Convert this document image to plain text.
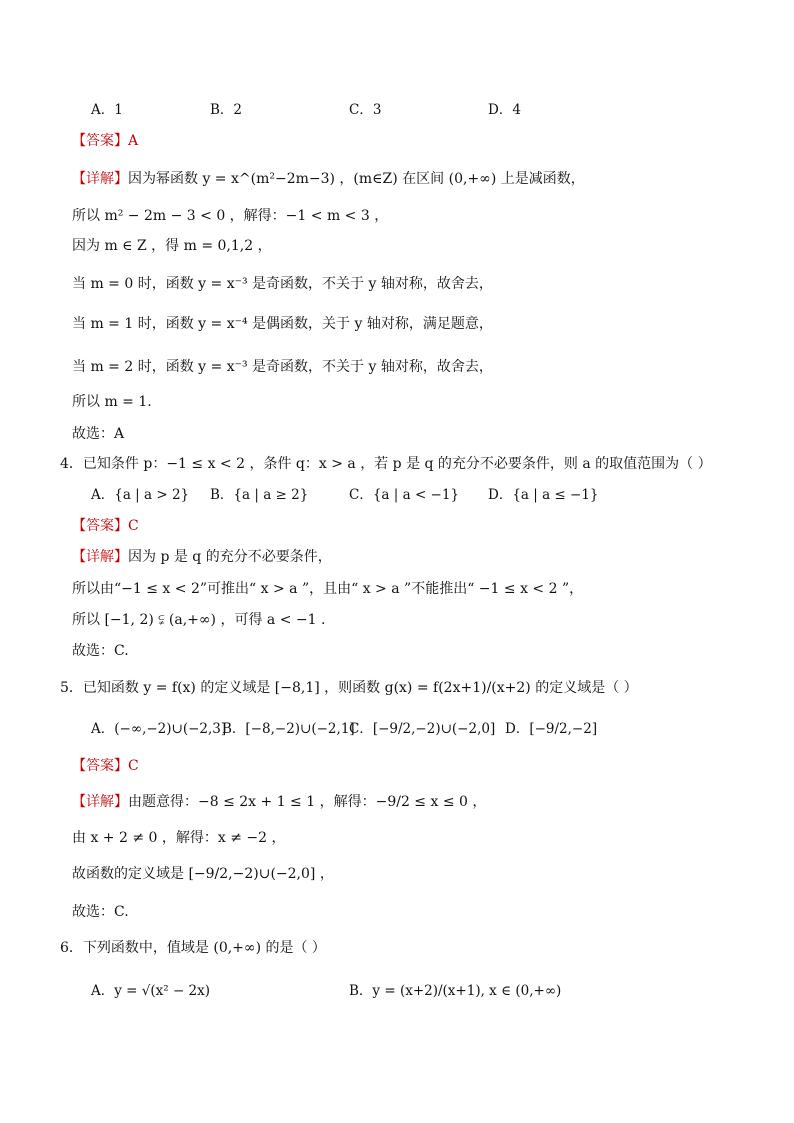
A．1	B．2	C．3	D．4
【答案】A
【详解】因为幂函数 y = x^(m²−2m−3) ，(m∈Z) 在区间 (0,+∞) 上是减函数，
所以 m² − 2m − 3 < 0 ，解得：−1 < m < 3 ，
因为 m ∈ Z ，得 m = 0,1,2 ，
当 m = 0 时，函数 y = x⁻³ 是奇函数，不关于 y 轴对称，故舍去，
当 m = 1 时，函数 y = x⁻⁴ 是偶函数，关于 y 轴对称，满足题意，
当 m = 2 时，函数 y = x⁻³ 是奇函数，不关于 y 轴对称，故舍去，
所以 m = 1.
故选：A
4．已知条件 p：−1 ≤ x < 2 ，条件 q：x > a ，若 p 是 q 的充分不必要条件，则 a 的取值范围为（ ）
A．{a | a > 2} B．{a | a ≥ 2}	C．{a | a < −1} D．{a | a ≤ −1}
【答案】C
【详解】因为 p 是 q 的充分不必要条件，
所以由“−1 ≤ x < 2”可推出“ x > a ”，且由“ x > a ”不能推出“ −1 ≤ x < 2 ”，
所以 [−1, 2) ⫋ (a,+∞) ，可得 a < −1 .
故选：C.
5．已知函数 y = f(x) 的定义域是 [−8,1] ，则函数 g(x) = f(2x+1)/(x+2) 的定义域是（ ）
A．(−∞,−2)∪(−2,3]
B．[−8,−2)∪(−2,1]
C．[−9/2,−2)∪(−2,0] D．[−9/2,−2]
【答案】C
【详解】由题意得：−8 ≤ 2x + 1 ≤ 1 ，解得：−9/2 ≤ x ≤ 0 ，
由 x + 2 ≠ 0 ，解得：x ≠ −2 ，
故函数的定义域是 [−9/2,−2)∪(−2,0] ，
故选：C.
6．下列函数中，值域是 (0,+∞) 的是（ ）
A．y = √(x² − 2x)	B．y = (x+2)/(x+1), x ∈ (0,+∞)
